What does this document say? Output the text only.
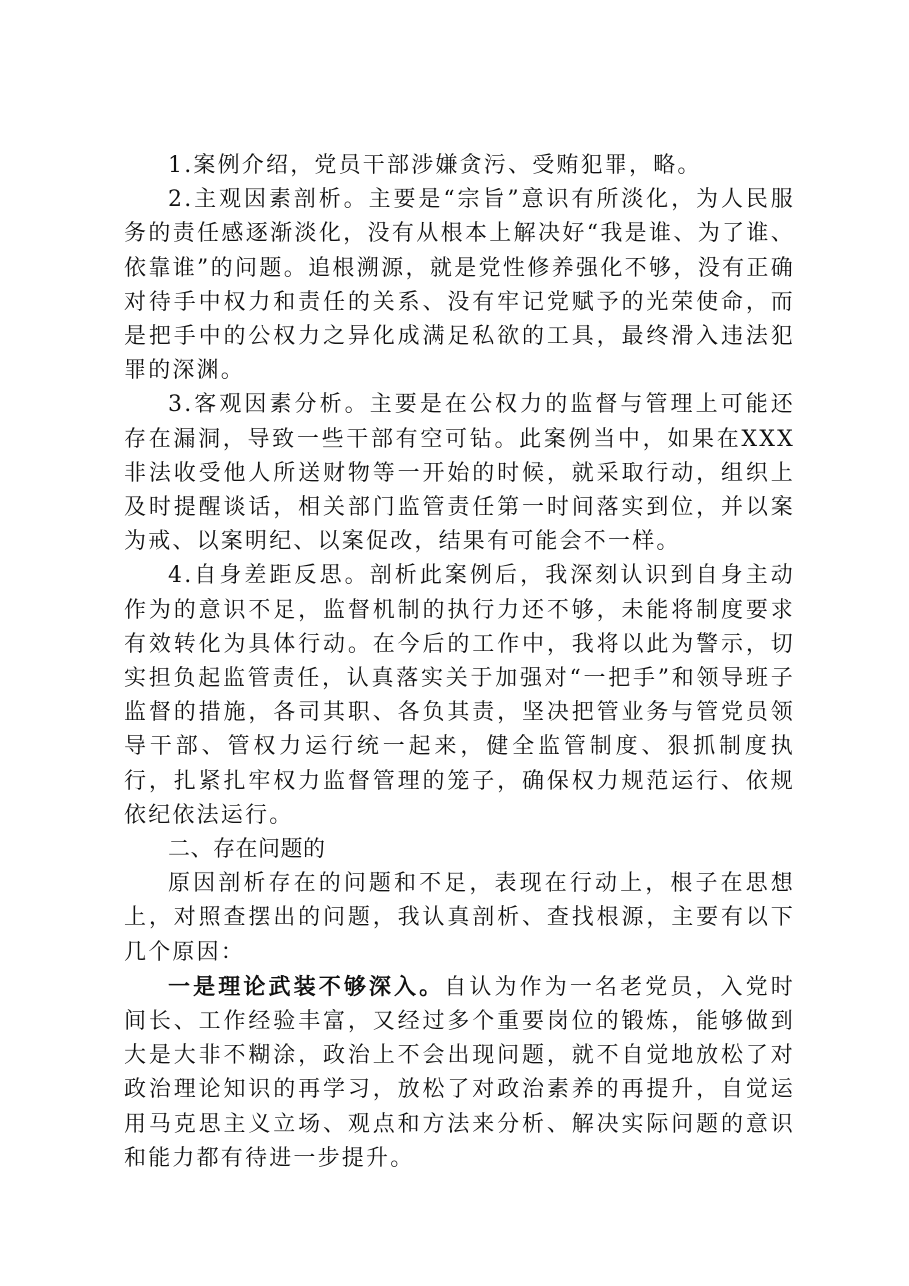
1.案例介绍，党员干部涉嫌贪污、受贿犯罪，略。

2.主观因素剖析。主要是“宗旨”意识有所淡化，为人民服务的责任感逐渐淡化，没有从根本上解决好“我是谁、为了谁、依靠谁”的问题。追根溯源，就是党性修养强化不够，没有正确对待手中权力和责任的关系、没有牢记党赋予的光荣使命，而是把手中的公权力之异化成满足私欲的工具，最终滑入违法犯罪的深渊。

3.客观因素分析。主要是在公权力的监督与管理上可能还存在漏洞，导致一些干部有空可钻。此案例当中，如果在XXX非法收受他人所送财物等一开始的时候，就采取行动，组织上及时提醒谈话，相关部门监管责任第一时间落实到位，并以案为戒、以案明纪、以案促改，结果有可能会不一样。

4.自身差距反思。剖析此案例后，我深刻认识到自身主动作为的意识不足，监督机制的执行力还不够，未能将制度要求有效转化为具体行动。在今后的工作中，我将以此为警示，切实担负起监管责任，认真落实关于加强对“一把手”和领导班子监督的措施，各司其职、各负其责，坚决把管业务与管党员领导干部、管权力运行统一起来，健全监管制度、狠抓制度执行，扎紧扎牢权力监督管理的笼子，确保权力规范运行、依规依纪依法运行。

二、存在问题的

原因剖析存在的问题和不足，表现在行动上，根子在思想上，对照查摆出的问题，我认真剖析、查找根源，主要有以下几个原因：

一是理论武装不够深入。自认为作为一名老党员，入党时间长、工作经验丰富，又经过多个重要岗位的锻炼，能够做到大是大非不糊涂，政治上不会出现问题，就不自觉地放松了对政治理论知识的再学习，放松了对政治素养的再提升，自觉运用马克思主义立场、观点和方法来分析、解决实际问题的意识和能力都有待进一步提升。
